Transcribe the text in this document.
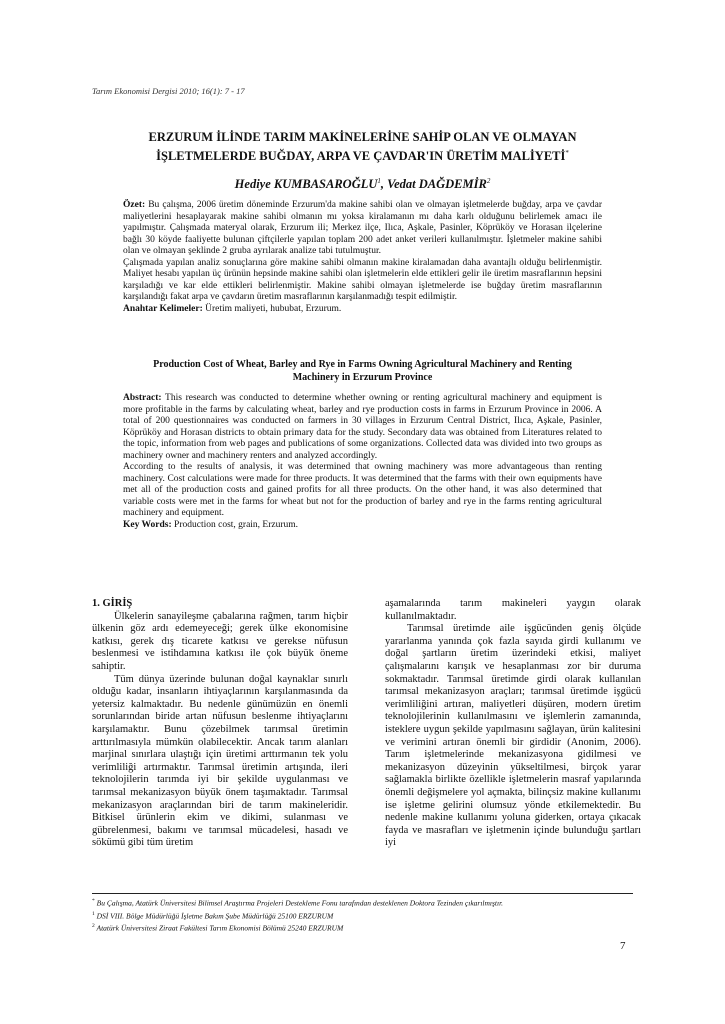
Tarım Ekonomisi Dergisi 2010; 16(1): 7 - 17
ERZURUM İLİNDE TARIM MAKİNELERİNE SAHİP OLAN VE OLMAYAN
İŞLETMELERDE BUĞDAY, ARPA VE ÇAVDAR'IN ÜRETİM MALİYETİ*
Hediye KUMBASAROĞLU$^1$, Vedat DAĞDEMİR$^2$

Özet: Bu çalışma, 2006 üretim döneminde Erzurum'da makine sahibi olan ve olmayan işletmelerde buğday, arpa ve çavdar maliyetlerini hesaplayarak makine sahibi olmanın mı yoksa kiralamanın mı daha karlı olduğunu belirlemek amacı ile yapılmıştır. Çalışmada materyal olarak, Erzurum ili; Merkez ilçe, Ilıca, Aşkale, Pasinler, Köprüköy ve Horasan ilçelerine bağlı 30 köyde faaliyette bulunan çiftçilerle yapılan toplam 200 adet anket verileri kullanılmıştır. İşletmeler makine sahibi olan ve olmayan şeklinde 2 gruba ayrılarak analize tabi tutulmuştur.

Çalışmada yapılan analiz sonuçlarına göre makine sahibi olmanın makine kiralamadan daha avantajlı olduğu belirlenmiştir. Maliyet hesabı yapılan üç ürünün hepsinde makine sahibi olan işletmelerin elde ettikleri gelir ile üretim masraflarının hepsini karşıladığı ve kar elde ettikleri belirlenmiştir. Makine sahibi olmayan işletmelerde ise buğday üretim masraflarının karşılandığı fakat arpa ve çavdarın üretim masraflarının karşılanmadığı tespit edilmiştir.

Anahtar Kelimeler: Üretim maliyeti, hububat, Erzurum.

Production Cost of Wheat, Barley and Rye in Farms Owning Agricultural Machinery and Renting
Machinery in Erzurum Province

Abstract: This research was conducted to determine whether owning or renting agricultural machinery and equipment is more profitable in the farms by calculating wheat, barley and rye production costs in farms in Erzurum Province in 2006. A total of 200 questionnaires was conducted on farmers in 30 villages in Erzurum Central District, Ilıca, Aşkale, Pasinler, Köprüköy and Horasan districts to obtain primary data for the study. Secondary data was obtained from Literatures related to the topic, information from web pages and publications of some organizations. Collected data was divided into two groups as machinery owner and machinery renters and analyzed accordingly.

According to the results of analysis, it was determined that owning machinery was more advantageous than renting machinery. Cost calculations were made for three products. It was determined that the farms with their own equipments have met all of the production costs and gained profits for all three products. On the other hand, it was also determined that variable costs were met in the farms for wheat but not for the production of barley and rye in the farms renting agricultural machinery and equipment.

Key Words: Production cost, grain, Erzurum.

1. GİRİŞ

Ülkelerin sanayileşme çabalarına rağmen, tarım hiçbir ülkenin göz ardı edemeyeceği; gerek ülke ekonomisine katkısı, gerek dış ticarete katkısı ve gerekse nüfusun beslenmesi ve istihdamına katkısı ile çok büyük öneme sahiptir.

Tüm dünya üzerinde bulunan doğal kaynaklar sınırlı olduğu kadar, insanların ihtiyaçlarının karşılanmasında da yetersiz kalmaktadır. Bu nedenle günümüzün en önemli sorunlarından biride artan nüfusun beslenme ihtiyaçlarını karşılamaktır. Bunu çözebilmek tarımsal üretimin arttırılmasıyla mümkün olabilecektir. Ancak tarım alanları marjinal sınırlara ulaştığı için üretimi arttırmanın tek yolu verimliliği artırmaktır. Tarımsal üretimin artışında, ileri teknolojilerin tarımda iyi bir şekilde uygulanması ve tarımsal mekanizasyon büyük önem taşımaktadır. Tarımsal mekanizasyon araçlarından biri de tarım makineleridir. Bitkisel ürünlerin ekim ve dikimi, sulanması ve gübrelenmesi, bakımı ve tarımsal mücadelesi, hasadı ve sökümü gibi tüm üretim

aşamalarında tarım makineleri yaygın olarak kullanılmaktadır.

Tarımsal üretimde aile işgücünden geniş ölçüde yararlanma yanında çok fazla sayıda girdi kullanımı ve doğal şartların üretim üzerindeki etkisi, maliyet çalışmalarını karışık ve hesaplanması zor bir duruma sokmaktadır. Tarımsal üretimde girdi olarak kullanılan tarımsal mekanizasyon araçları; tarımsal üretimde işgücü verimliliğini artıran, maliyetleri düşüren, modern üretim teknolojilerinin kullanılmasını ve işlemlerin zamanında, isteklere uygun şekilde yapılmasını sağlayan, ürün kalitesini ve verimini artıran önemli bir girdidir (Anonim, 2006). Tarım işletmelerinde mekanizasyona gidilmesi ve mekanizasyon düzeyinin yükseltilmesi, birçok yarar sağlamakla birlikte özellikle işletmelerin masraf yapılarında önemli değişmelere yol açmakta, bilinçsiz makine kullanımı ise işletme gelirini olumsuz yönde etkilemektedir. Bu nedenle makine kullanımı yoluna giderken, ortaya çıkacak fayda ve masrafları ve işletmenin içinde bulunduğu şartları iyi

* Bu Çalışma, Atatürk Üniversitesi Bilimsel Araştırma Projeleri Destekleme Fonu tarafından desteklenen Doktora Tezinden çıkarılmıştır.

$^1$ DSİ VIII. Bölge Müdürlüğü İşletme Bakım Şube Müdürlüğü 25100 ERZURUM

$^2$ Atatürk Üniversitesi Ziraat Fakültesi Tarım Ekonomisi Bölümü 25240 ERZURUM

7
